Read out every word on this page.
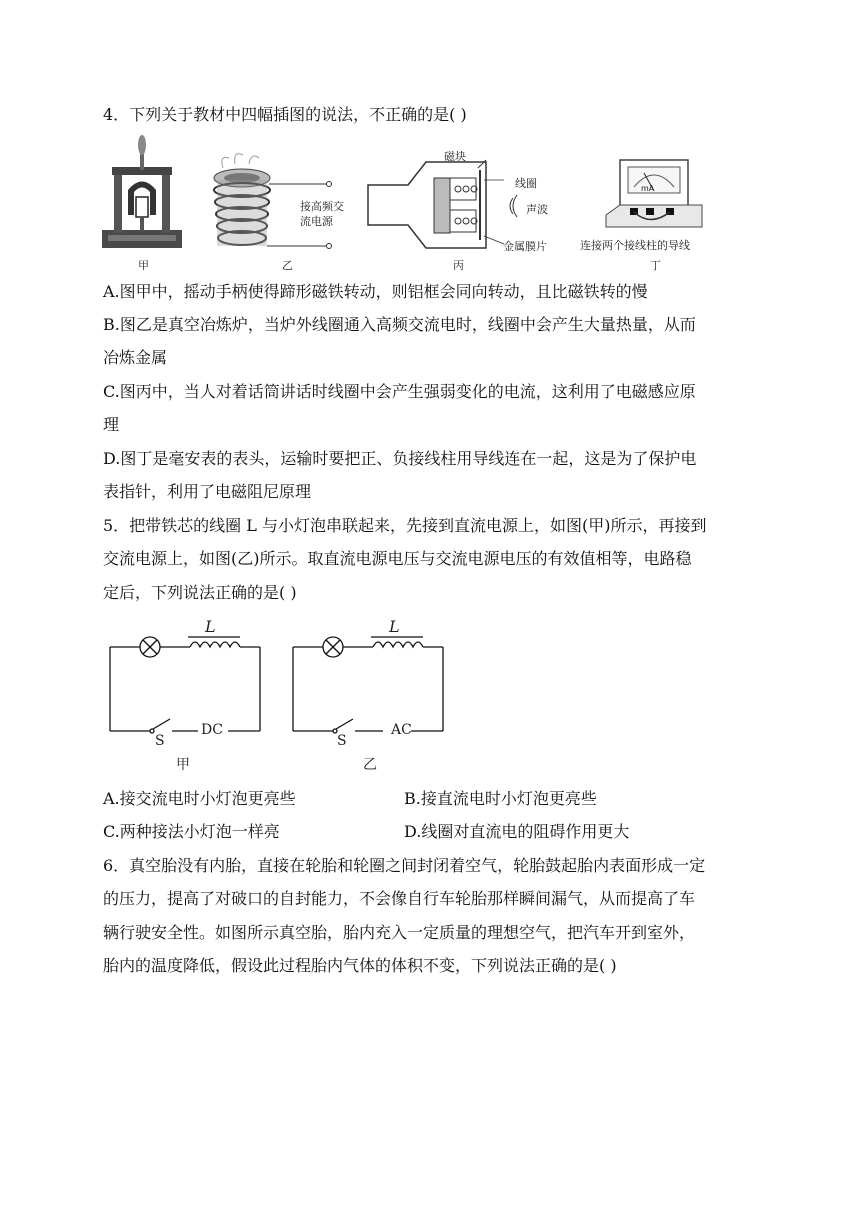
4．下列关于教材中四幅插图的说法，不正确的是( )
甲
接高频交
流电源
乙
磁块
线圈
声波
金属膜片
丙
mA
连接两个接线柱的导线
丁
A.图甲中，摇动手柄使得蹄形磁铁转动，则铝框会同向转动，且比磁铁转的慢
B.图乙是真空冶炼炉，当炉外线圈通入高频交流电时，线圈中会产生大量热量，从而
冶炼金属
C.图丙中，当人对着话筒讲话时线圈中会产生强弱变化的电流，这利用了电磁感应原
理
D.图丁是毫安表的表头，运输时要把正、负接线柱用导线连在一起，这是为了保护电
表指针，利用了电磁阻尼原理
5．把带铁芯的线圈 L 与小灯泡串联起来，先接到直流电源上，如图(甲)所示，再接到
交流电源上，如图(乙)所示。取直流电源电压与交流电源电压的有效值相等，电路稳
定后，下列说法正确的是( )
L
DC
S
甲
L
AC
S
乙
A.接交流电时小灯泡更亮些	B.接直流电时小灯泡更亮些
C.两种接法小灯泡一样亮	D.线圈对直流电的阻碍作用更大
6．真空胎没有内胎，直接在轮胎和轮圈之间封闭着空气，轮胎鼓起胎内表面形成一定
的压力，提高了对破口的自封能力，不会像自行车轮胎那样瞬间漏气，从而提高了车
辆行驶安全性。如图所示真空胎，胎内充入一定质量的理想空气，把汽车开到室外，
胎内的温度降低，假设此过程胎内气体的体积不变，下列说法正确的是( )
